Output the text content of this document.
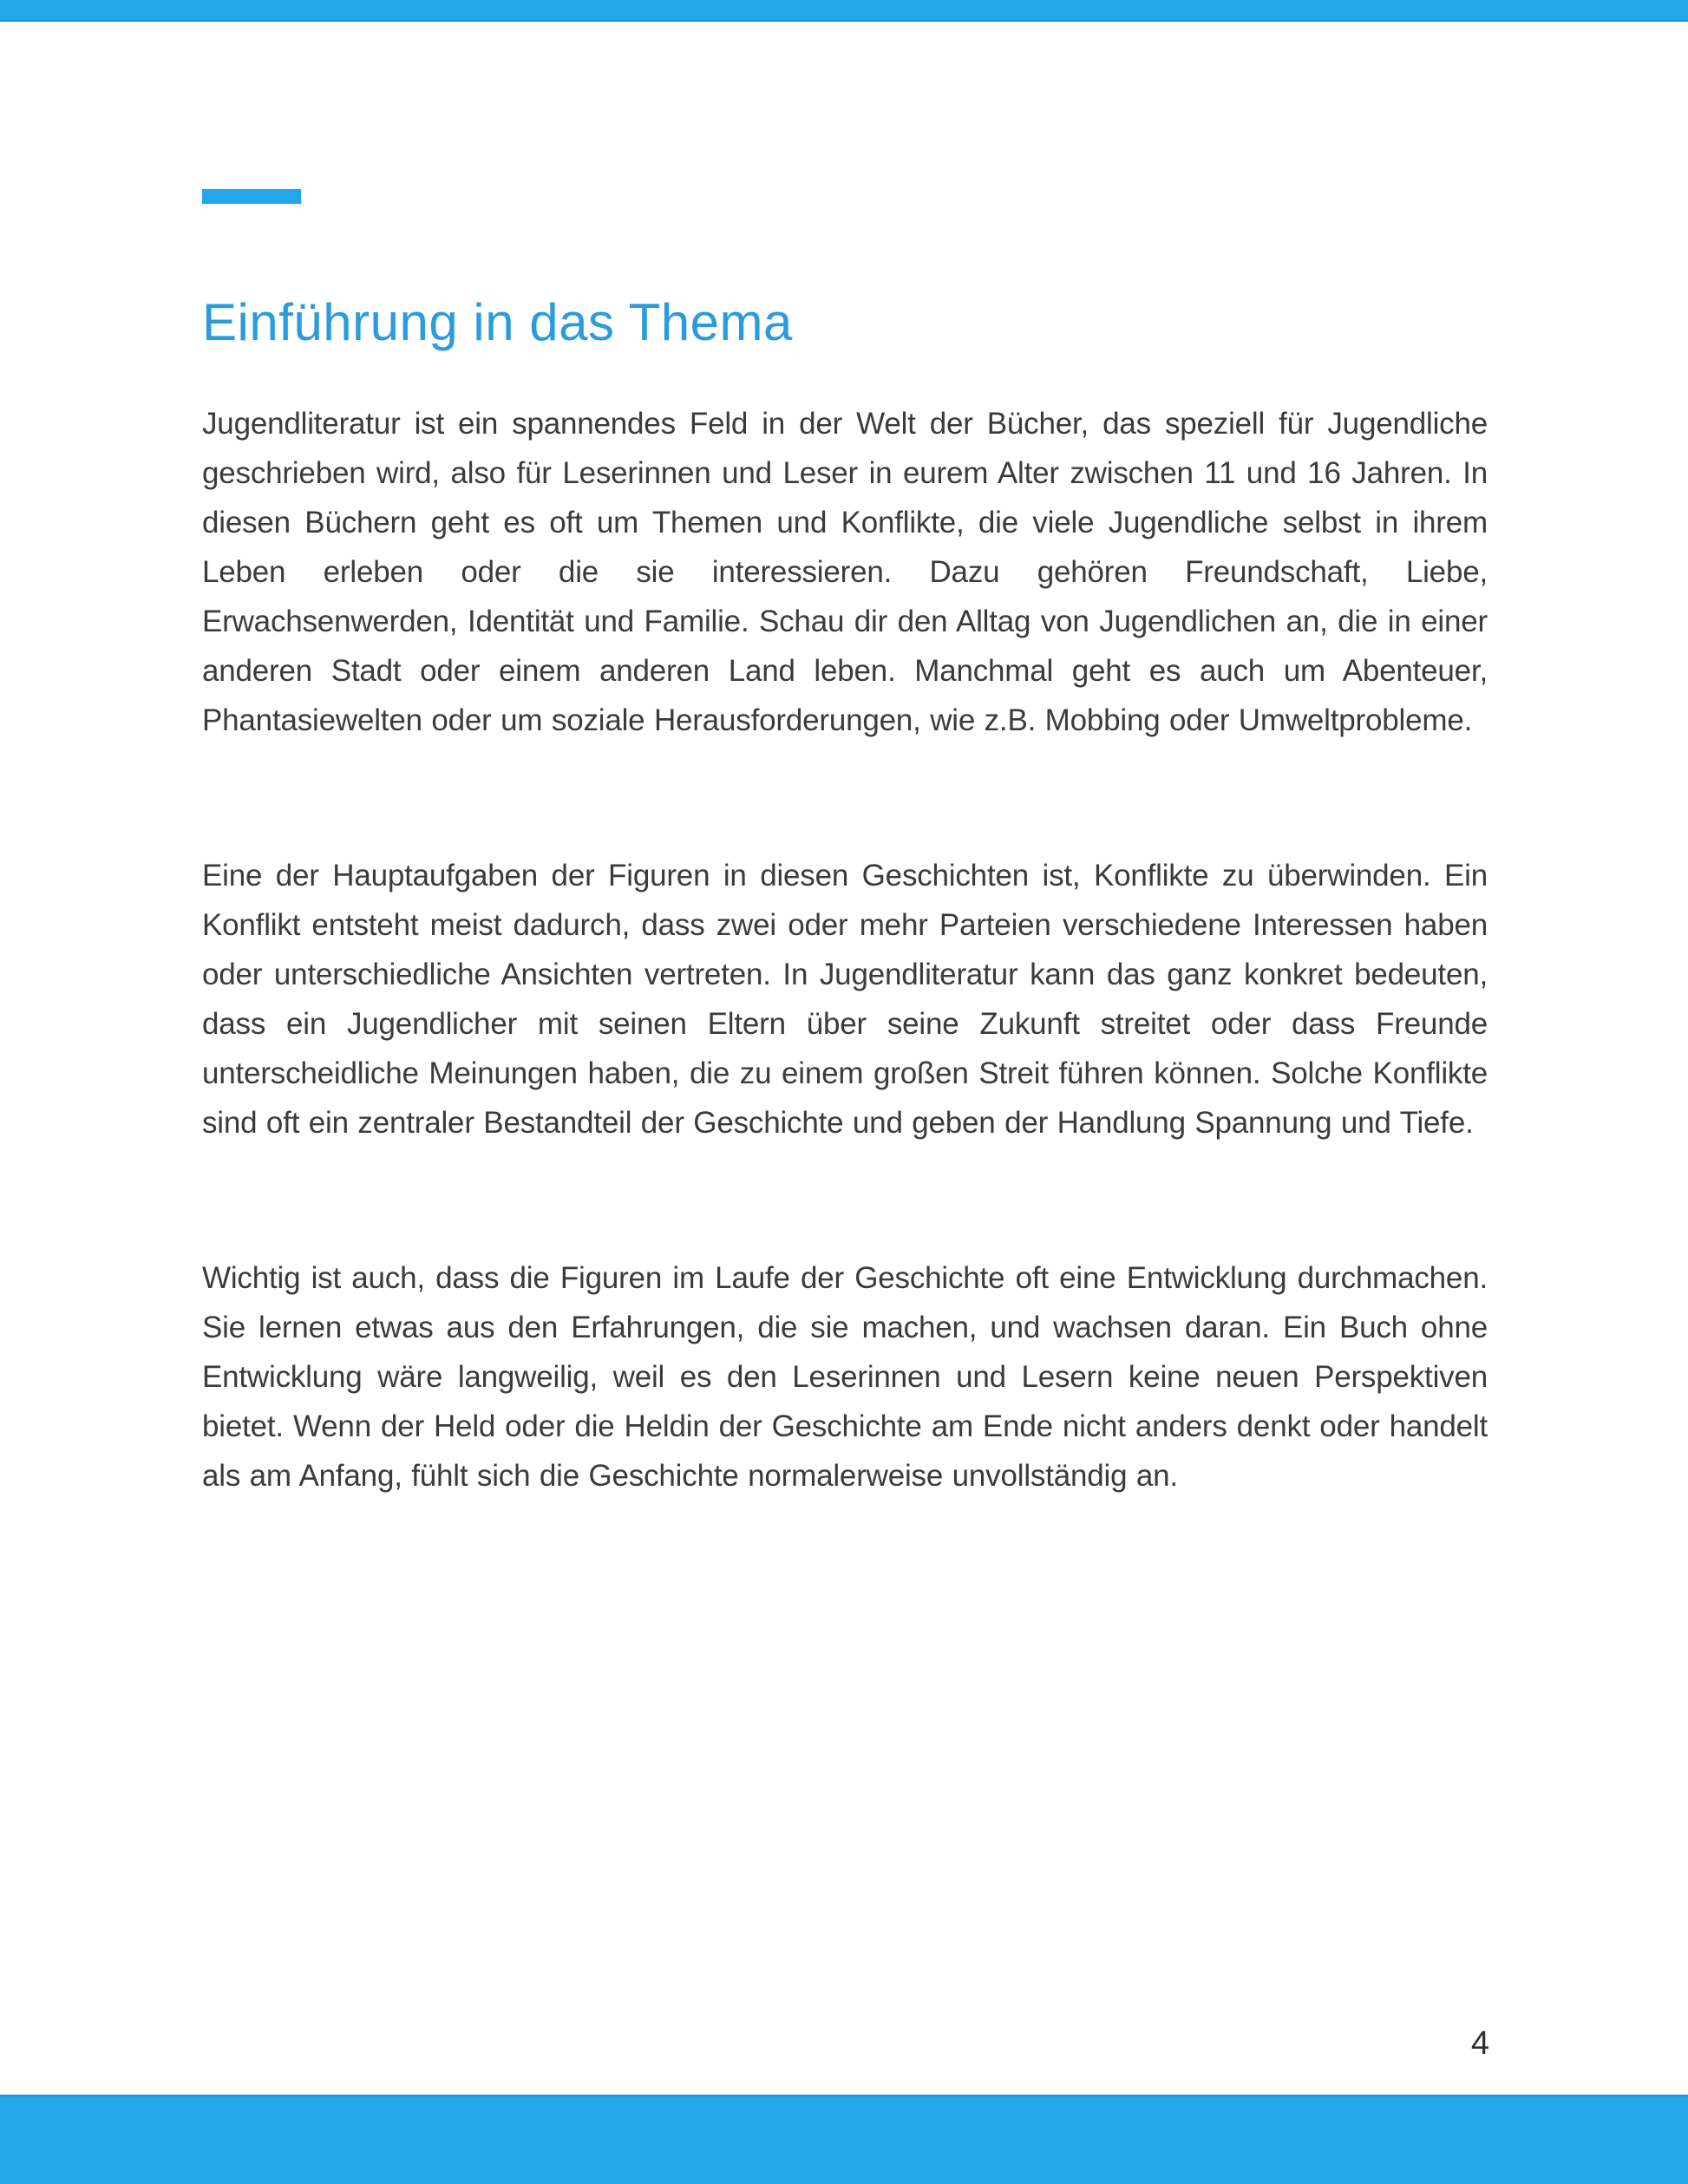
Einführung in das Thema

Jugendliteratur ist ein spannendes Feld in der Welt der Bücher, das speziell für Jugendliche geschrieben wird, also für Leserinnen und Leser in eurem Alter zwischen 11 und 16 Jahren. In diesen Büchern geht es oft um Themen und Konflikte, die viele Jugendliche selbst in ihrem Leben erleben oder die sie interessieren. Dazu gehören Freundschaft, Liebe, Erwachsenwerden, Identität und Familie. Schau dir den Alltag von Jugendlichen an, die in einer anderen Stadt oder einem anderen Land leben. Manchmal geht es auch um Abenteuer, Phantasiewelten oder um soziale Herausforderungen, wie z.B. Mobbing oder Umweltprobleme.

Eine der Hauptaufgaben der Figuren in diesen Geschichten ist, Konflikte zu überwinden. Ein Konflikt entsteht meist dadurch, dass zwei oder mehr Parteien verschiedene Interessen haben oder unterschiedliche Ansichten vertreten. In Jugendliteratur kann das ganz konkret bedeuten, dass ein Jugendlicher mit seinen Eltern über seine Zukunft streitet oder dass Freunde unterscheidliche Meinungen haben, die zu einem großen Streit führen können. Solche Konflikte sind oft ein zentraler Bestandteil der Geschichte und geben der Handlung Spannung und Tiefe.

Wichtig ist auch, dass die Figuren im Laufe der Geschichte oft eine Entwicklung durchmachen. Sie lernen etwas aus den Erfahrungen, die sie machen, und wachsen daran. Ein Buch ohne Entwicklung wäre langweilig, weil es den Leserinnen und Lesern keine neuen Perspektiven bietet. Wenn der Held oder die Heldin der Geschichte am Ende nicht anders denkt oder handelt als am Anfang, fühlt sich die Geschichte normalerweise unvollständig an.

4
